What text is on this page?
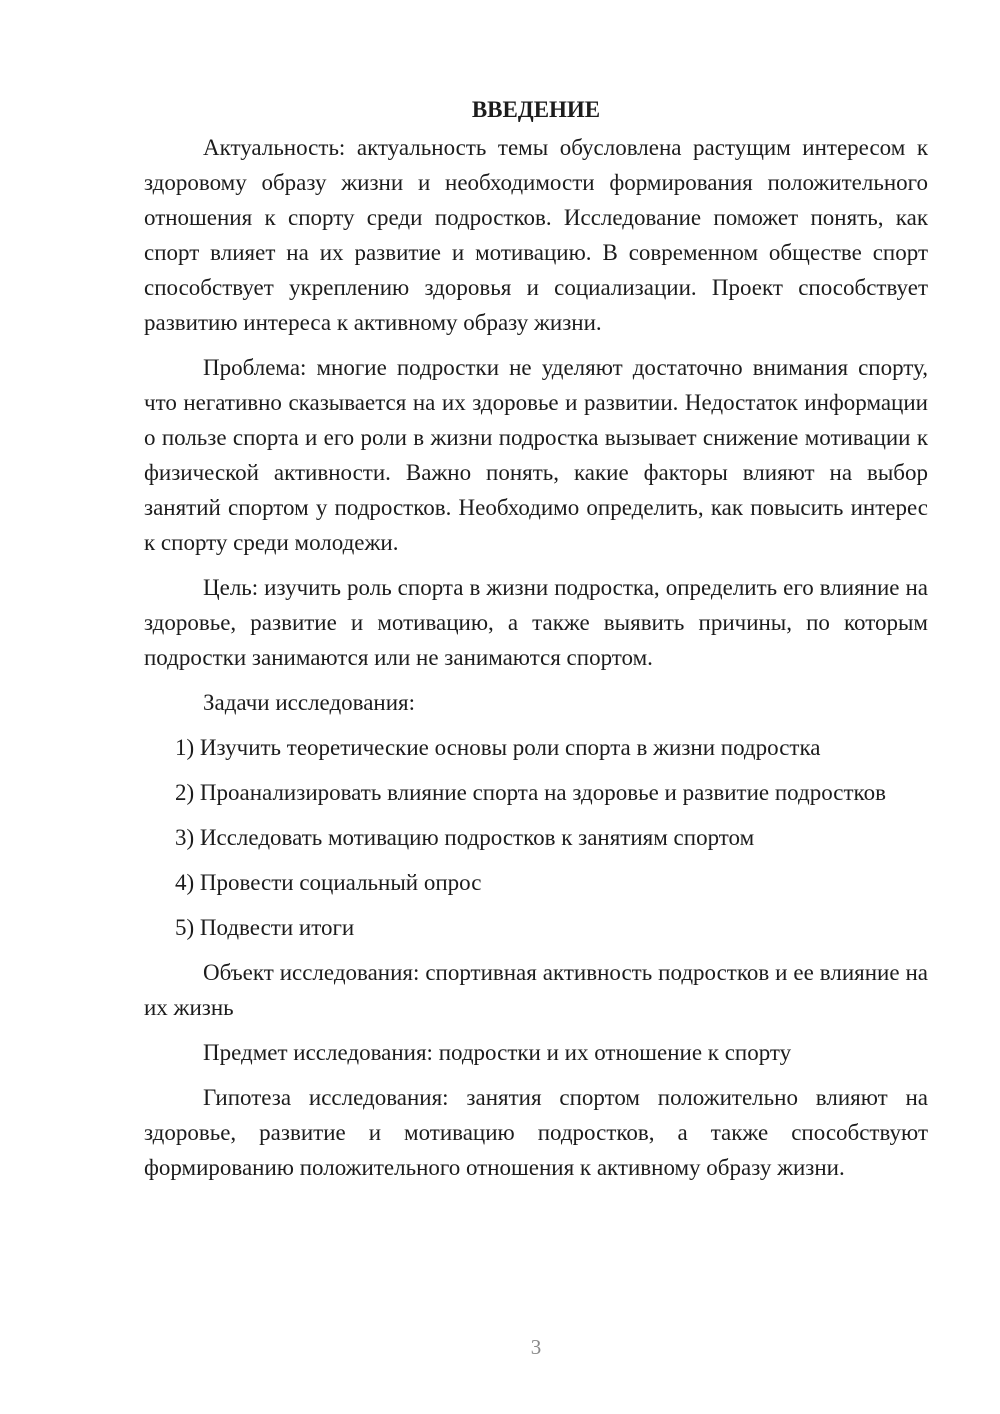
ВВЕДЕНИЕ

Актуальность: актуальность темы обусловлена растущим интересом к здоровому образу жизни и необходимости формирования положительного отношения к спорту среди подростков. Исследование поможет понять, как спорт влияет на их развитие и мотивацию. В современном обществе спорт способствует укреплению здоровья и социализации. Проект способствует развитию интереса к активному образу жизни.

Проблема: многие подростки не уделяют достаточно внимания спорту, что негативно сказывается на их здоровье и развитии. Недостаток информации о пользе спорта и его роли в жизни подростка вызывает снижение мотивации к физической активности. Важно понять, какие факторы влияют на выбор занятий спортом у подростков. Необходимо определить, как повысить интерес к спорту среди молодежи.

Цель: изучить роль спорта в жизни подростка, определить его влияние на здоровье, развитие и мотивацию, а также выявить причины, по которым подростки занимаются или не занимаются спортом.

Задачи исследования:

1) Изучить теоретические основы роли спорта в жизни подростка

2) Проанализировать влияние спорта на здоровье и развитие подростков

3) Исследовать мотивацию подростков к занятиям спортом

4) Провести социальный опрос

5) Подвести итоги

Объект исследования: спортивная активность подростков и ее влияние на их жизнь

Предмет исследования: подростки и их отношение к спорту

Гипотеза исследования: занятия спортом положительно влияют на здоровье, развитие и мотивацию подростков, а также способствуют формированию положительного отношения к активному образу жизни.

3
